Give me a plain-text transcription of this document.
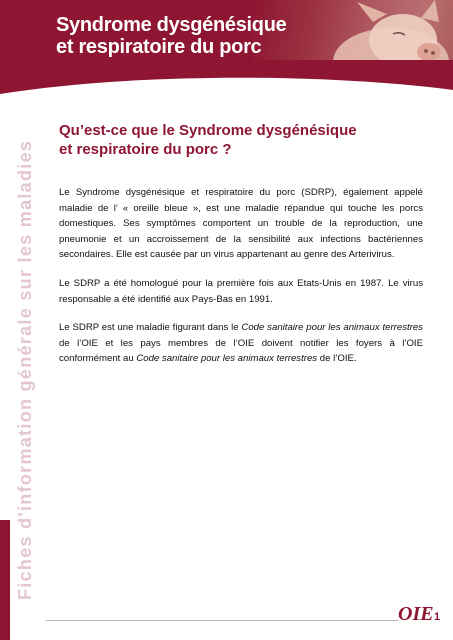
Syndrome dysgénésique
et respiratoire du porc
Fiches d'information générale sur les maladies
Qu’est-ce que le Syndrome dysgénésique
et respiratoire du porc ?

Le Syndrome dysgénésique et respiratoire du porc (SDRP), également appelé maladie de l’ « oreille bleue », est une maladie répandue qui touche les porcs domestiques. Ses symptômes comportent un trouble de la reproduction, une pneumonie et un accroissement de la sensibilité aux infections bactériennes secondaires. Elle est causée par un virus appartenant au genre des Arterivirus.

Le SDRP a été homologué pour la première fois aux Etats-Unis en 1987. Le virus responsable a été identifié aux Pays-Bas en 1991.

Le SDRP est une maladie figurant dans le Code sanitaire pour les animaux terrestres de l’OIE et les pays membres de l’OIE doivent notifier les foyers à l’OIE conformément au Code sanitaire pour les animaux terrestres de l’OIE.

OIE 1
